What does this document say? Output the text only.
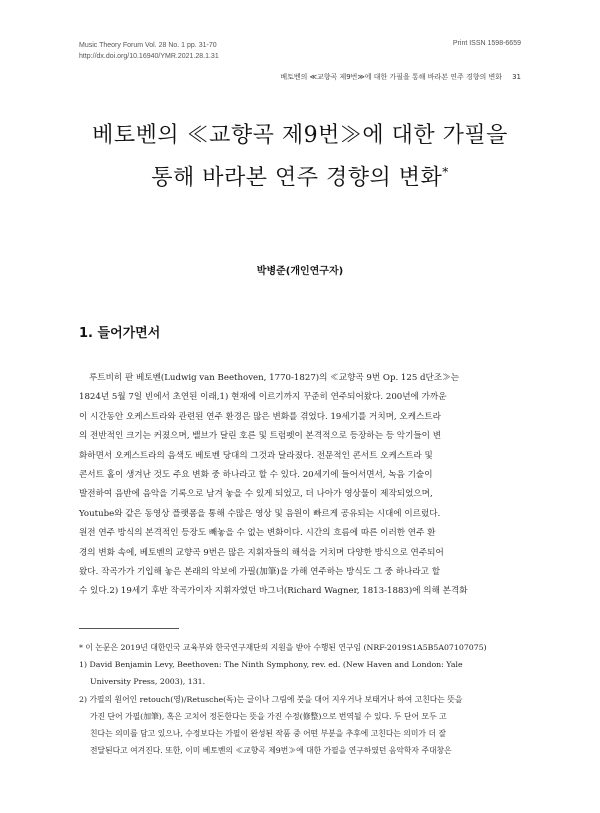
Music Theory Forum Vol. 28 No. 1 pp. 31-70
http://dx.doi.org/10.16940/YMR.2021.28.1.31
Print ISSN 1598-6659
베토벤의 ≪교향곡 제9번≫에 대한 가필을 통해 바라본 연주 경향의 변화 31
베토벤의 ≪교향곡 제9번≫에 대한 가필을
통해 바라본 연주 경향의 변화*
박병준(개인연구자)
1. 들어가면서
루트비히 판 베토벤(Ludwig van Beethoven, 1770-1827)의 ≪교향곡 9번 Op. 125 d단조≫는
1824년 5월 7일 빈에서 초연된 이래,1) 현재에 이르기까지 꾸준히 연주되어왔다. 200년에 가까운
이 시간동안 오케스트라와 관련된 연주 환경은 많은 변화를 겪었다. 19세기를 거치며, 오케스트라
의 전반적인 크기는 커졌으며, 밸브가 달린 호른 및 트럼펫이 본격적으로 등장하는 등 악기들이 변
화하면서 오케스트라의 음색도 베토벤 당대의 그것과 달라졌다. 전문적인 콘서트 오케스트라 및
콘서트 홀이 생겨난 것도 주요 변화 중 하나라고 할 수 있다. 20세기에 들어서면서, 녹음 기술이
발전하여 음반에 음악을 기록으로 남겨 놓을 수 있게 되었고, 더 나아가 영상물이 제작되었으며,
Youtube와 같은 동영상 플랫폼을 통해 수많은 영상 및 음원이 빠르게 공유되는 시대에 이르렀다.
원전 연주 방식의 본격적인 등장도 빼놓을 수 없는 변화이다. 시간의 흐름에 따른 이러한 연주 환
경의 변화 속에, 베토벤의 교향곡 9번은 많은 지휘자들의 해석을 거치며 다양한 방식으로 연주되어
왔다. 작곡가가 기입해 놓은 본래의 악보에 가필(加筆)을 가해 연주하는 방식도 그 중 하나라고 할
수 있다.2) 19세기 후반 작곡가이자 지휘자였던 바그너(Richard Wagner, 1813-1883)에 의해 본격화
* 이 논문은 2019년 대한민국 교육부와 한국연구재단의 지원을 받아 수행된 연구임 (NRF-2019S1A5B5A07107075)
1) David Benjamin Levy, Beethoven: The Ninth Symphony, rev. ed. (New Haven and London: Yale
University Press, 2003), 131.
2) 가필의 원어인 retouch(영)/Retusche(독)는 글이나 그림에 붓을 대어 지우거나 보태거나 하여 고친다는 뜻을
가진 단어 가필(加筆), 혹은 고치어 정돈한다는 뜻을 가진 수정(修整)으로 번역될 수 있다. 두 단어 모두 고
친다는 의미를 담고 있으나, 수정보다는 가필이 완성된 작품 중 어떤 부분을 추후에 고친다는 의미가 더 잘
전달된다고 여겨진다. 또한, 이미 베토벤의 ≪교향곡 제9번≫에 대한 가필을 연구하였던 음악학자 주대창은
